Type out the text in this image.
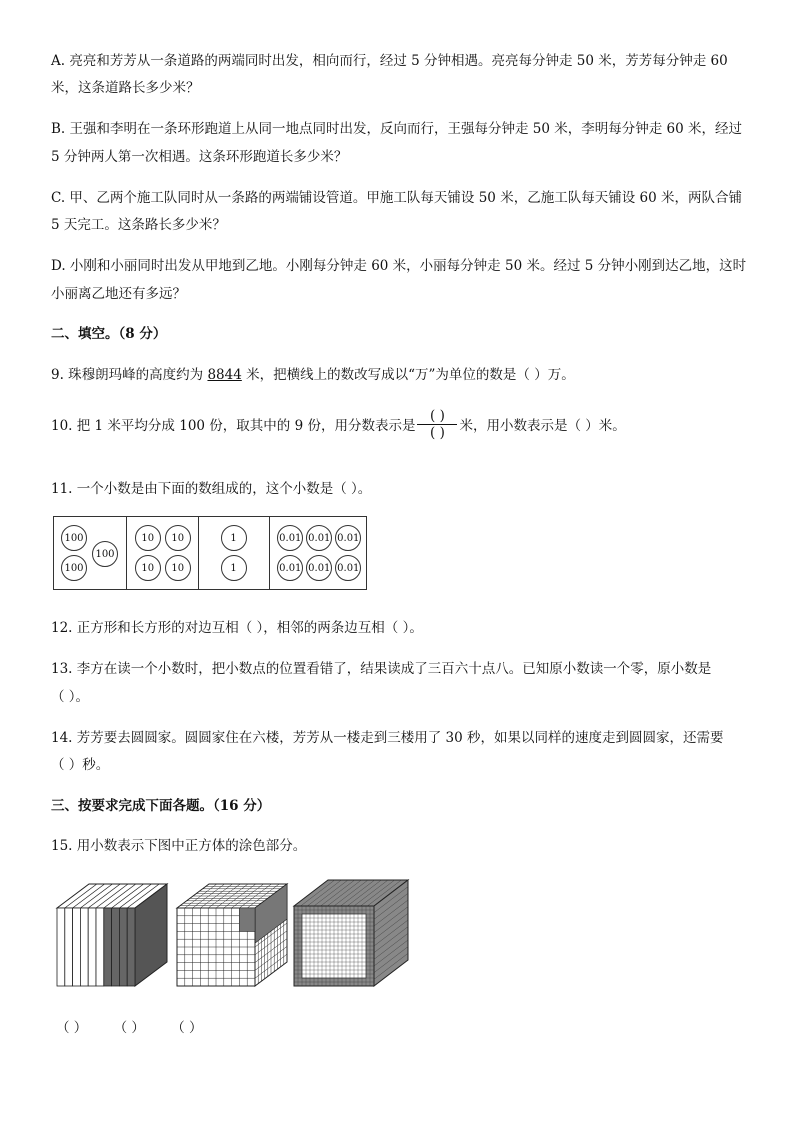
A. 亮亮和芳芳从一条道路的两端同时出发，相向而行，经过 5 分钟相遇。亮亮每分钟走 50 米，芳芳每分钟走 60
米，这条道路长多少米？
B. 王强和李明在一条环形跑道上从同一地点同时出发，反向而行，王强每分钟走 50 米，李明每分钟走 60 米，经过
5 分钟两人第一次相遇。这条环形跑道长多少米？
C. 甲、乙两个施工队同时从一条路的两端铺设管道。甲施工队每天铺设 50 米，乙施工队每天铺设 60 米，两队合铺
5 天完工。这条路长多少米？
D. 小刚和小丽同时出发从甲地到乙地。小刚每分钟走 60 米，小丽每分钟走 50 米。经过 5 分钟小刚到达乙地，这时
小丽离乙地还有多远？
二、填空。（8 分）
9. 珠穆朗玛峰的高度约为 8844 米，把横线上的数改写成以“万”为单位的数是（ ）万。
10. 把 1 米平均分成 100 份，取其中的 9 份，用分数表示是 $\frac{( )}{( )}$ 米，用小数表示是（ ）米。
11. 一个小数是由下面的数组成的，这个小数是（ ）。
100
100
100
10	10
10	10
1
1
0.01 0.01 0.01
0.01 0.01 0.01
12. 正方形和长方形的对边互相（ ），相邻的两条边互相（ ）。
13. 李方在读一个小数时，把小数点的位置看错了，结果读成了三百六十点八。已知原小数读一个零，原小数是
（ ）。
14. 芳芳要去圆圆家。圆圆家住在六楼，芳芳从一楼走到三楼用了 30 秒，如果以同样的速度走到圆圆家，还需要
（ ）秒。
三、按要求完成下面各题。（16 分）
15. 用小数表示下图中正方体的涂色部分。
（ ） （ ） （ ）
